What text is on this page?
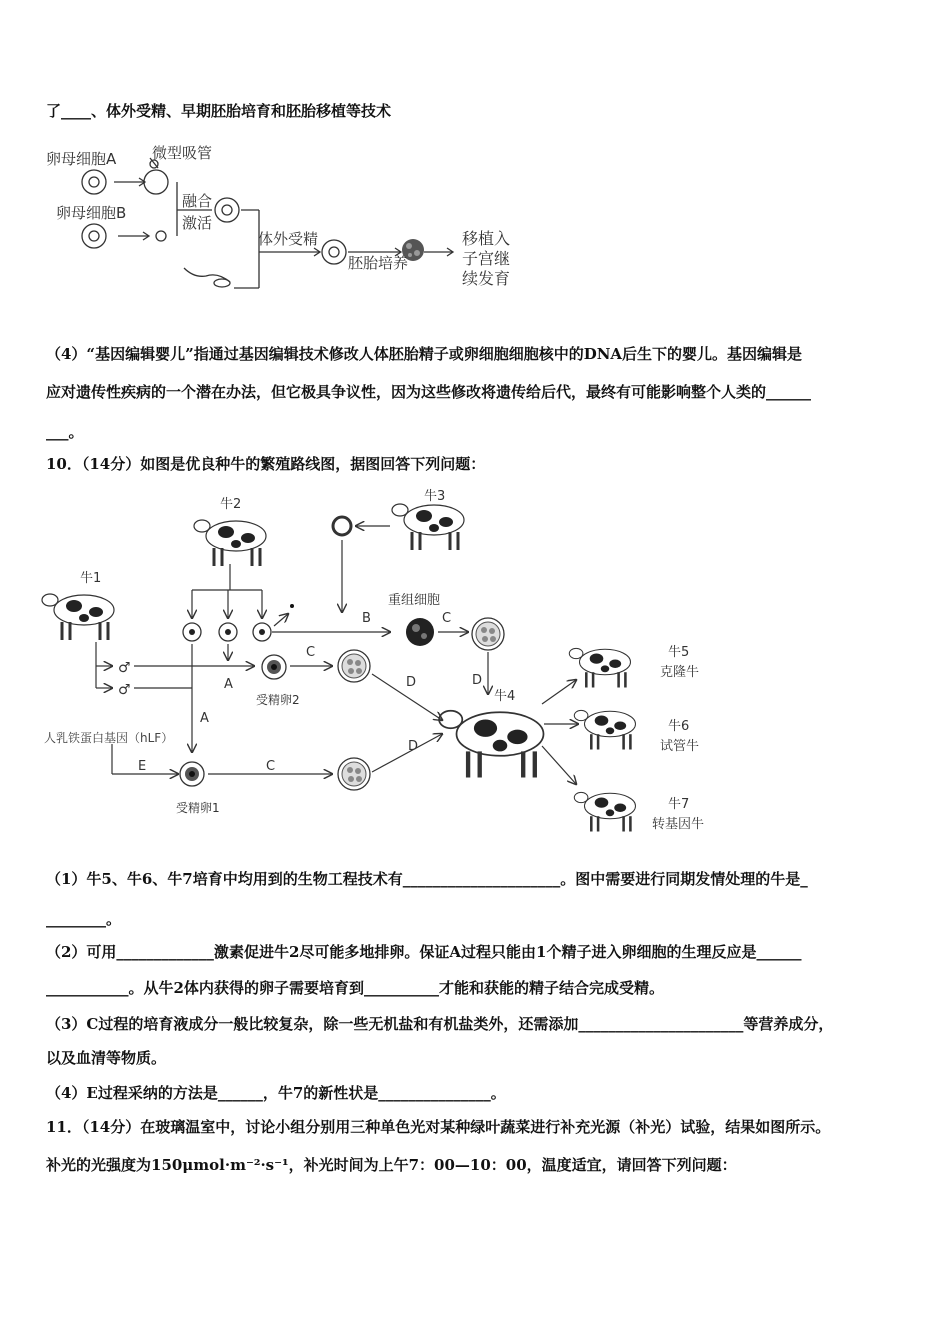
了____、体外受精、早期胚胎培育和胚胎移植等技术
卵母细胞A 微型吸管
卵母细胞B
融合
激活
体外受精
胚胎培养
移植入
子宫继
续发育
（4）“基因编辑婴儿”指通过基因编辑技术修改人体胚胎精子或卵细胞细胞核中的DNA后生下的婴儿。基因编辑是
应对遗传性疾病的一个潜在办法，但它极具争议性，因为这些修改将遗传给后代，最终有可能影响整个人类的______
___。
10．（14分）如图是优良种牛的繁殖路线图，据图回答下列问题：
♂
♂
牛2
牛3
牛1
重组细胞
B	C
C
A
受精卵2
A
人乳铁蛋白基因（hLF）
E	C
受精卵1
D	D
D
牛4
牛5
克隆牛
牛6
试管牛
牛7
转基因牛
（1）牛5、牛6、牛7培育中均用到的生物工程技术有_____________________。图中需要进行同期发情处理的牛是_
________。
（2）可用_____________激素促进牛2尽可能多地排卵。保证A过程只能由1个精子进入卵细胞的生理反应是______
___________。从牛2体内获得的卵子需要培育到__________才能和获能的精子结合完成受精。
（3）C过程的培育液成分一般比较复杂，除一些无机盐和有机盐类外，还需添加______________________等营养成分，
以及血清等物质。
（4）E过程采纳的方法是______，牛7的新性状是_______________。
11．（14分）在玻璃温室中，讨论小组分别用三种单色光对某种绿叶蔬菜进行补充光源（补光）试验，结果如图所示。
补光的光强度为150μmol·m⁻²·s⁻¹，补光时间为上午7：00—10：00，温度适宜，请回答下列问题：
